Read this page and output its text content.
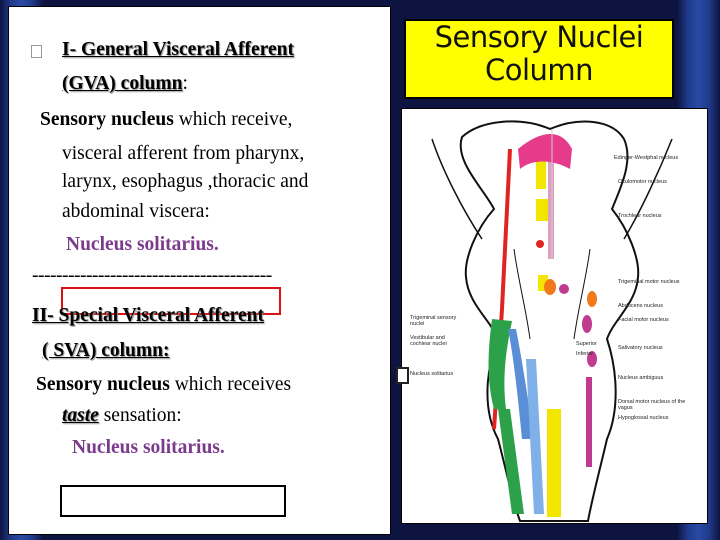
I- General Visceral Afferent
(GVA) column:
Sensory nucleus which receive,
visceral afferent from pharynx,
larynx, esophagus ,thoracic and
abdominal viscera:
Nucleus solitarius.
----------------------------------------
II- Special Visceral Afferent
( SVA) column:
Sensory nucleus which receives
taste sensation:
Nucleus solitarius.
Sensory Nuclei
Column
Edinger-Westphal nucleus
Oculomotor nucleus
Trochlear nucleus
Trigeminal motor nucleus
Abducens nucleus
Facial motor nucleus
Salivatory nucleus
Nucleus ambiguus
Dorsal motor nucleus of the vagus
Hypoglossal nucleus
Trigeminal sensory nuclei
Vestibular and cochlear nuclei
Nucleus solitarius
Superior
Inferior
